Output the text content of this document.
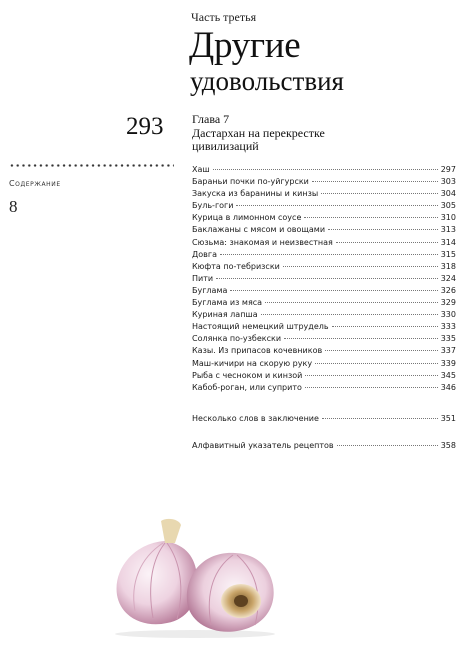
Часть третья
Другие
удовольствия
293 Глава 7
Дастархан на перекрестке
цивилизаций
Содержание
8
Хаш	297
Бараньи почки по-уйгурски	303
Закуска из баранины и кинзы	304
Буль-гоги	305
Курица в лимонном соусе	310
Баклажаны с мясом и овощами	313
Сюзьма: знакомая и неизвестная	314
Довга	315
Кюфта по-тебризски	318
Пити	324
Буглама	326
Буглама из мяса	329
Куриная лапша	330
Настоящий немецкий штрудель	333
Солянка по-узбекски	335
Казы. Из припасов кочевников	337
Маш-кичири на скорую руку	339
Рыба с чесноком и кинзой	345
Кабоб-роган, или суприто	346
Несколько слов в заключение	351
Алфавитный указатель рецептов	358
